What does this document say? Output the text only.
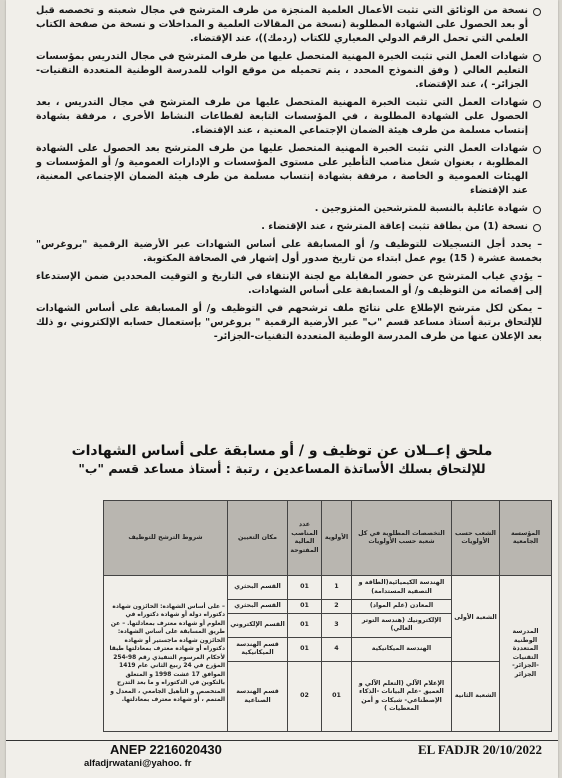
نسخة من الوثائق التي تثبت الأعمال العلمية المنجزة من طرف المترشح في مجال شعبته و تخصصه قبل أو بعد الحصول على الشهادة المطلوبة (نسخة من المقالات العلمية و المداخلات و نسخة من صفحة الكتاب العلمي التي تحمل الرقم الدولي المعياري للكتاب (ردمك))، عند الإقتضاء.
شهادات العمل التي تثبت الخبرة المهنية المتحصل عليها من طرف المترشح في مجال التدريس بمؤسسات التعليم العالي ( وفق النموذج المحدد ، يتم تحميله من موقع الواب للمدرسة الوطنية المتعددة التقنيات-الجزائر- )، عند الإقتضاء.
شهادات العمل التي تثبت الخبرة المهنية المتحصل عليها من طرف المترشح في مجال التدريس ، بعد الحصول على الشهادة المطلوبة ، في المؤسسات التابعة لقطاعات النشاط الأخرى ، مرفقة بشهادة إنتساب مسلمة من طرف هيئة الضمان الإجتماعي المعنية ، عند الإقتضاء.
شهادات العمل التي تثبت الخبرة المهنية المتحصل عليها من طرف المترشح بعد الحصول على الشهادة المطلوبة ، بعنوان شغل مناصب التأطير على مستوى المؤسسات و الإدارات العمومية و/ أو المؤسسات و الهيئات العمومية و الخاصة ، مرفقة بشهادة إنتساب مسلمة من طرف هيئة الضمان الإجتماعي المعنية، عند الإقتضاء
شهادة عائلية بالنسبة للمترشحين المتزوجين .
نسخة (1) من بطاقة تثبت إعاقة المترشح ، عند الإقتضاء .
– يحدد أجل التسجيلات للتوظيف و/ أو المسابقة على أساس الشهادات عبر الأرضية الرقمية "بروغرس" بخمسة عشرة ( 15) يوم عمل ابتداء من تاريخ صدور أول إشهار في الصحافة المكتوبة.
– يؤدي غياب المترشح عن حضور المقابلة مع لجنة الإنتقاء في التاريخ و التوقيت المحددين ضمن الإستدعاء إلى إقصائه من التوظيف و/ أو المسابقة على أساس الشهادات.
– يمكن لكل مترشح الإطلاع على نتائج ملف ترشحهم في التوظيف و/ أو المسابقة على أساس الشهادات للإلتحاق برتبة أستاذ مساعد قسم "ب" عبر الأرضية الرقمية " بروغرس" بإستعمال حسابه الإلكتروني ،و ذلك بعد الإعلان عنها من طرف المدرسة الوطنية المتعددة التقنيات-الجزائر-
ملحق إعــلان عن توظيف و / أو مسابقة على أساس الشهادات
للإلتحاق بسلك الأساتذة المساعدين ، رتبة : أستاذ مساعد قسم "ب"
المؤسسة الجامعية	الشعب حسب الأولويات	التخصصات المطلوبة في كل شعبة حسب الأولويات	الأولوية	عدد المناصب المالية المفتوحة	مكان التعيين	شروط الترشح للتوظيف
المدرسة الوطنية المتعددة التقنيات -الجزائر- الجزائر	الشعبة الأولى	الهندسة الكيميائية(الطاقة و التصفية المستدامة)	1	01	القسم البحثري	– على أساس الشهادة: الحائزون شهادة دكتوراه دولة أو شهادة دكتوراه في العلوم أو شهادة معترف بمعادلتها. – عن طريق المسابقة على أساس الشهادة: الحائزون شهادة ماجستير أو شهادة دكتوراه أو شهادة معترف بمعادلتها طبقا لأحكام المرسوم التنفيذي رقم 98-254 المؤرخ في 24 ربيع الثاني عام 1419 الموافق 17 غشت 1998 و المتعلق بالتكوين في الدكتوراه و ما بعد التدرج المتخصص و التأهيل الجامعي ، المعدل و المتمم ، أو شهادة معترف بمعادلتها.
		المعادن (علم المواد)	2	01	القسم البحثري	
		الإلكترونيك (هندسة التوتر العالي)	3	01	القسم الإلكتروني	
		الهندسة الميكانيكية	4	01	قسم الهندسة الميكانيكية	
	الشعبة الثانية	الإعلام الآلي (التعلم الآلي و العميق -علم البيانات -الذكاء الإصطناعي- شبكات و أمن المعطيات )	01	02	قسم الهندسة الصناعية	
ANEP 2216020430	EL FADJR 20/10/2022
alfadjrwatani@yahoo. fr
